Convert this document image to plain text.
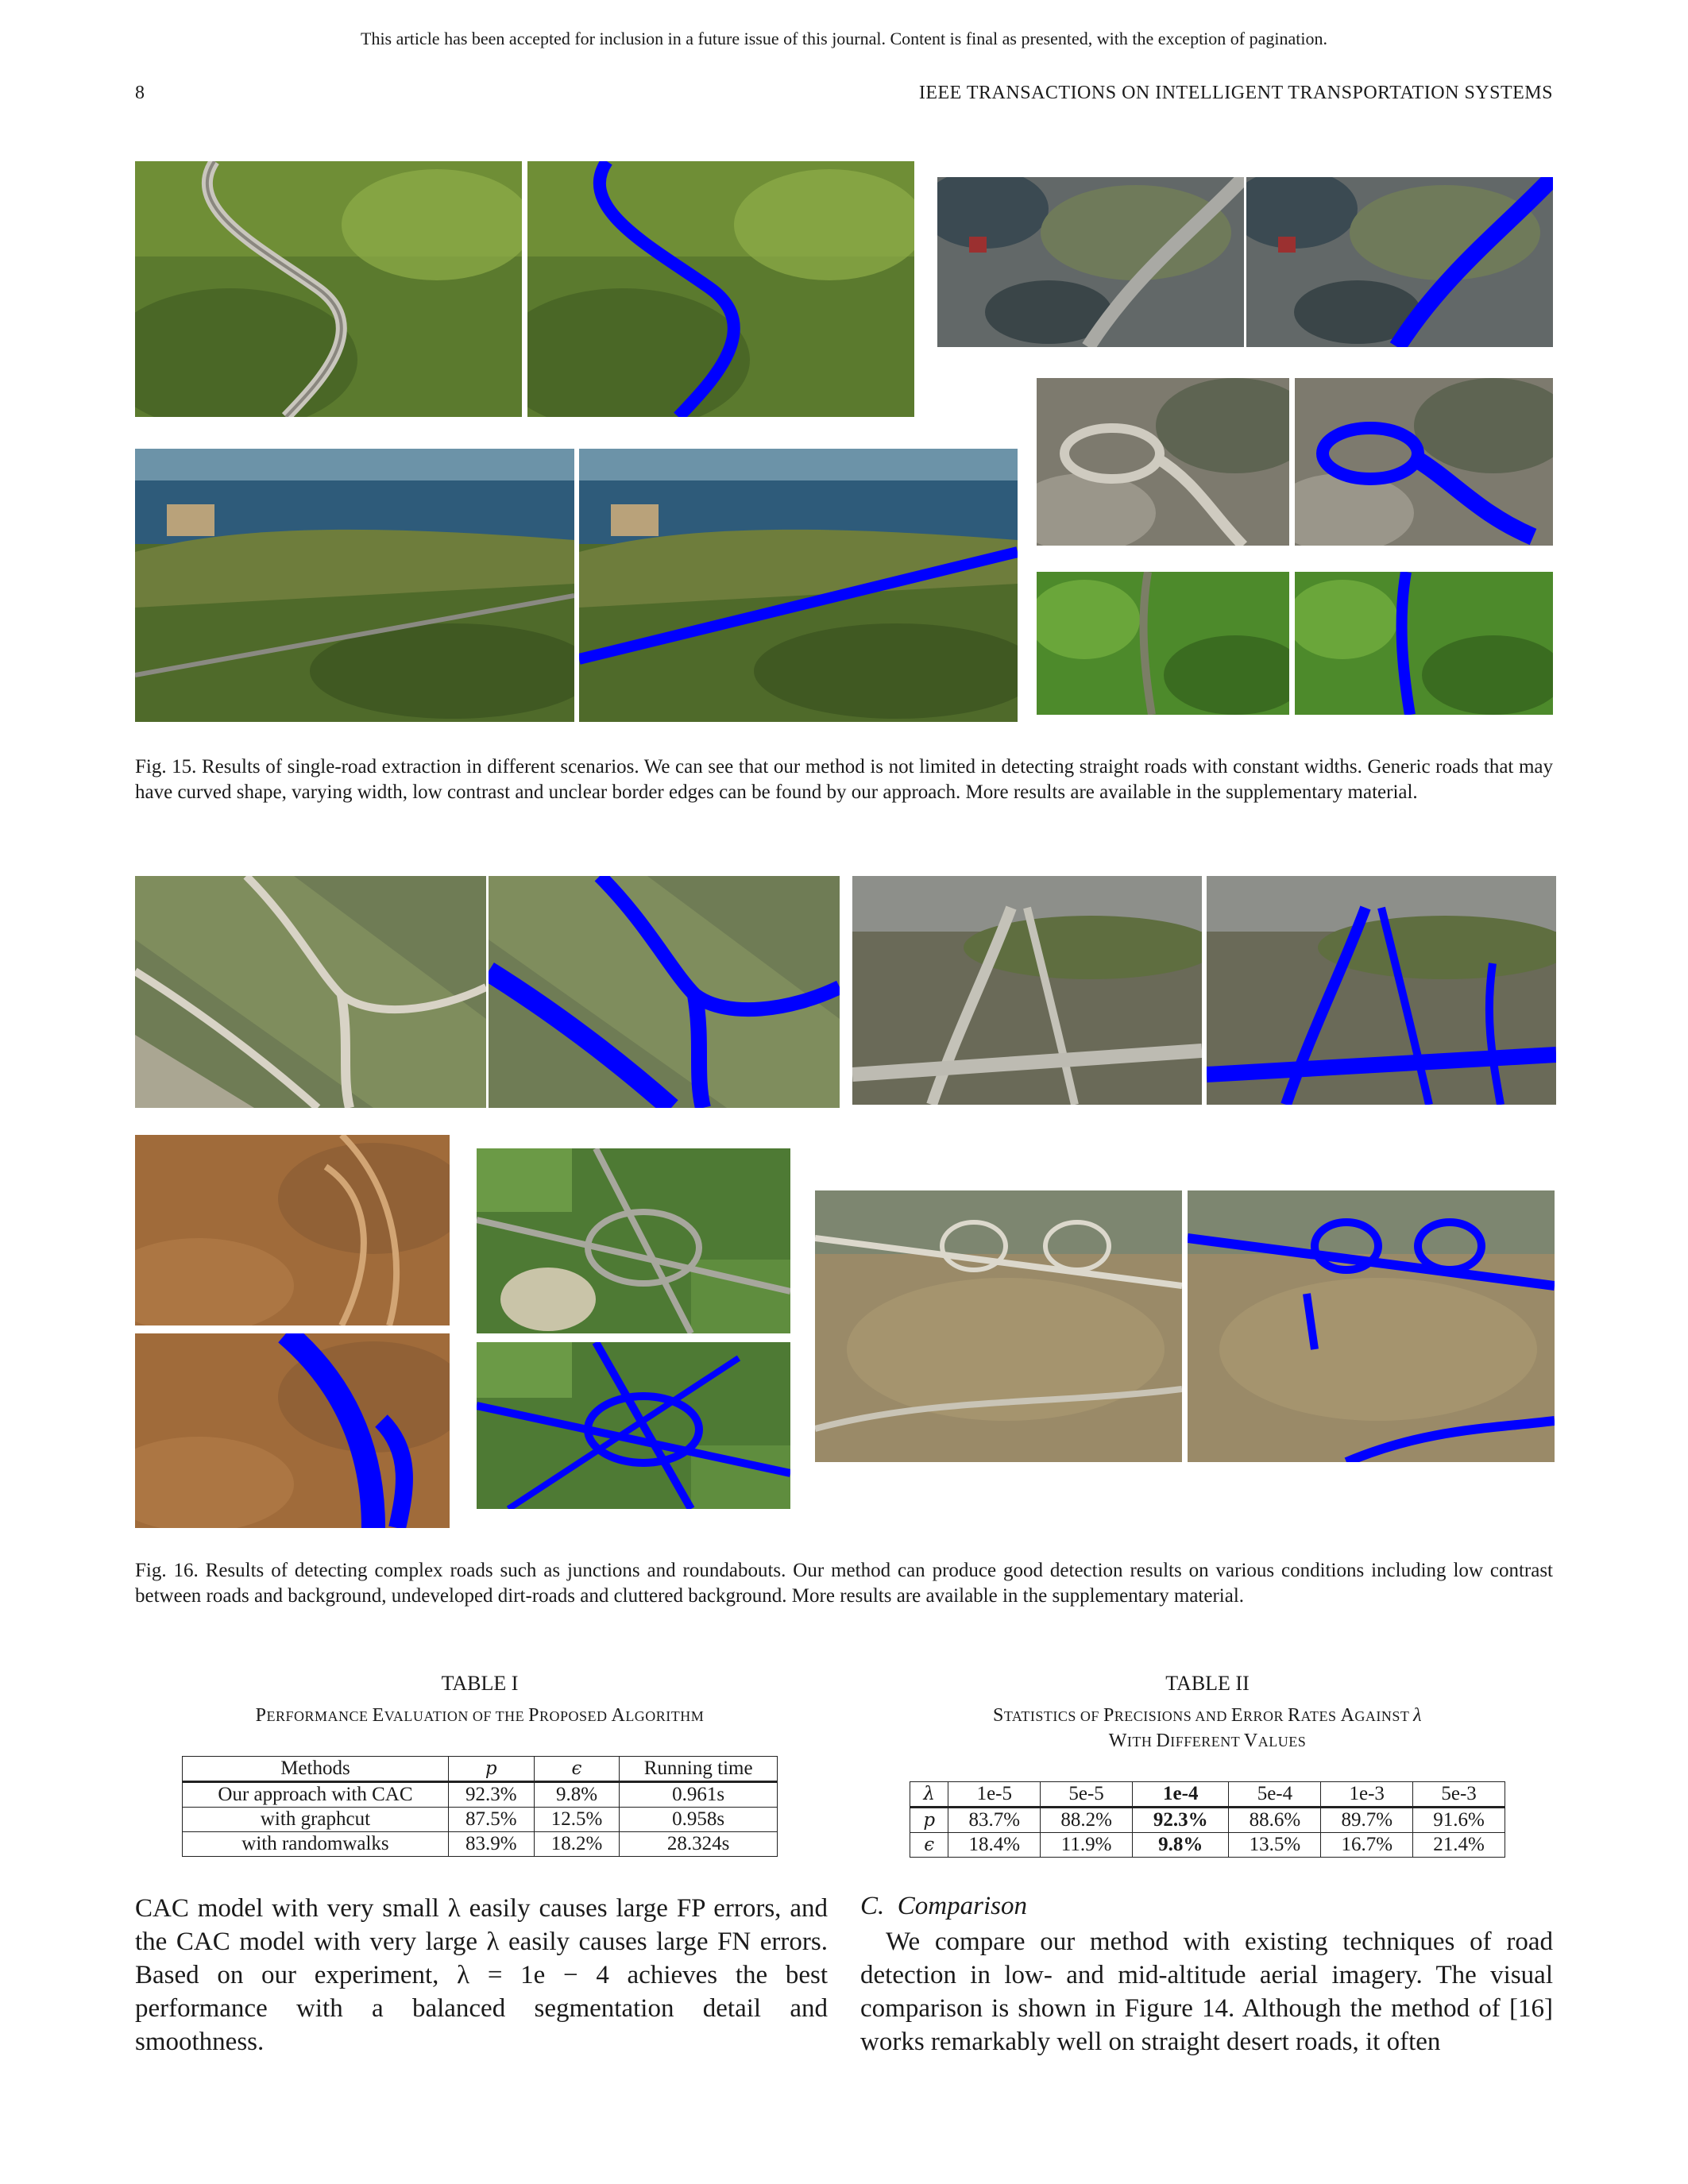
This article has been accepted for inclusion in a future issue of this journal. Content is final as presented, with the exception of pagination.
8	IEEE TRANSACTIONS ON INTELLIGENT TRANSPORTATION SYSTEMS
Fig. 15. Results of single-road extraction in different scenarios. We can see that our method is not limited in detecting straight roads with constant widths. Generic roads that may have curved shape, varying width, low contrast and unclear border edges can be found by our approach. More results are available in the supplementary material.
Fig. 16. Results of detecting complex roads such as junctions and roundabouts. Our method can produce good detection results on various conditions including low contrast between roads and background, undeveloped dirt-roads and cluttered background. More results are available in the supplementary material.
TABLE I
PERFORMANCE EVALUATION OF THE PROPOSED ALGORITHM
Methods	p	ϵ	Running time
Our approach with CAC	92.3%	9.8%	0.961s
with graphcut	87.5%	12.5%	0.958s
with randomwalks	83.9%	18.2%	28.324s
TABLE II
STATISTICS OF PRECISIONS AND ERROR RATES AGAINST λ
WITH DIFFERENT VALUES
λ	1e-5	5e-5	1e-4	5e-4	1e-3	5e-3
p	83.7%	88.2%	92.3%	88.6%	89.7%	91.6%
ϵ	18.4%	11.9%	9.8%	13.5%	16.7%	21.4%
CAC model with very small λ easily causes large FP errors, and the CAC model with very large λ easily causes large FN errors. Based on our experiment, λ = 1e − 4 achieves the best performance with a balanced segmentation detail and smoothness.
C. Comparison
We compare our method with existing techniques of road detection in low- and mid-altitude aerial imagery. The visual comparison is shown in Figure 14. Although the method of [16] works remarkably well on straight desert roads, it often
